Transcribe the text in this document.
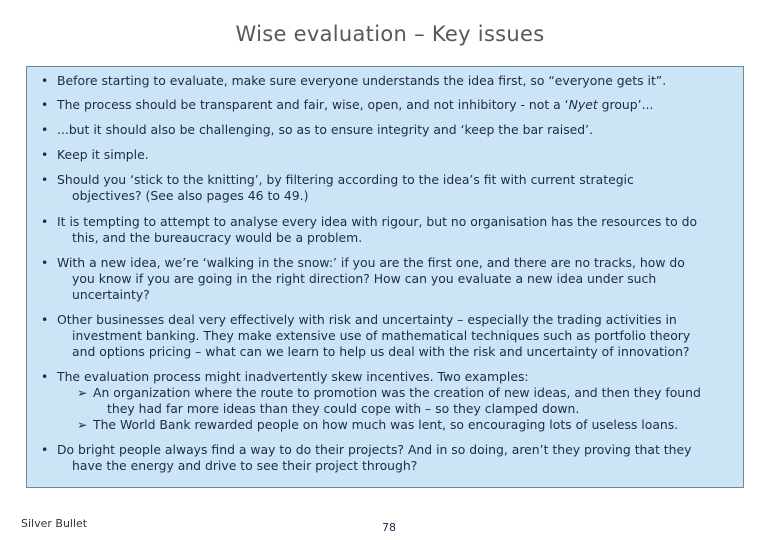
Wise evaluation – Key issues
• Before starting to evaluate, make sure everyone understands the idea first, so “everyone gets it”.
• The process should be transparent and fair, wise, open, and not inhibitory - not a ‘Nyet group’...
• ...but it should also be challenging, so as to ensure integrity and ‘keep the bar raised’.
• Keep it simple.
• Should you ‘stick to the knitting’, by filtering according to the idea’s fit with current strategic
objectives? (See also pages 46 to 49.)
• It is tempting to attempt to analyse every idea with rigour, but no organisation has the resources to do
this, and the bureaucracy would be a problem.
• With a new idea, we’re ‘walking in the snow:’ if you are the first one, and there are no tracks, how do
you know if you are going in the right direction? How can you evaluate a new idea under such
uncertainty?
• Other businesses deal very effectively with risk and uncertainty – especially the trading activities in
investment banking. They make extensive use of mathematical techniques such as portfolio theory
and options pricing – what can we learn to help us deal with the risk and uncertainty of innovation?
• The evaluation process might inadvertently skew incentives. Two examples:
➢ An organization where the route to promotion was the creation of new ideas, and then they found
they had far more ideas than they could cope with – so they clamped down.
➢ The World Bank rewarded people on how much was lent, so encouraging lots of useless loans.
• Do bright people always find a way to do their projects? And in so doing, aren’t they proving that they
have the energy and drive to see their project through?
Silver Bullet	78
